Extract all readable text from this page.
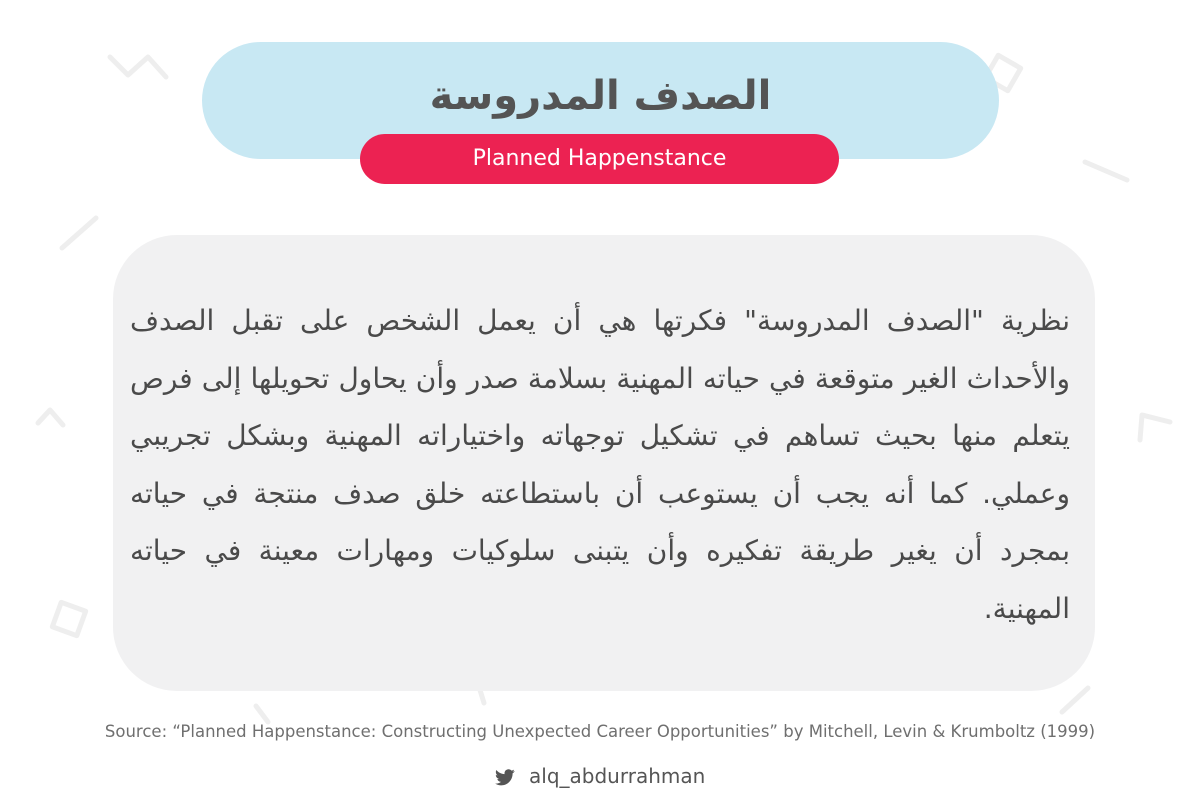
الصدف المدروسة
Planned Happenstance

نظرية "الصدف المدروسة" فكرتها هي أن يعمل الشخص على تقبل الصدف والأحداث الغير متوقعة في حياته المهنية بسلامة صدر وأن يحاول تحويلها إلى فرص يتعلم منها بحيث تساهم في تشكيل توجهاته واختياراته المهنية وبشكل تجريبي وعملي. كما أنه يجب أن يستوعب أن باستطاعته خلق صدف منتجة في حياته بمجرد أن يغير طريقة تفكيره وأن يتبنى سلوكيات ومهارات معينة في حياته المهنية.

Source: “Planned Happenstance: Constructing Unexpected Career Opportunities” by Mitchell, Levin & Krumboltz (1999)
alq_abdurrahman
